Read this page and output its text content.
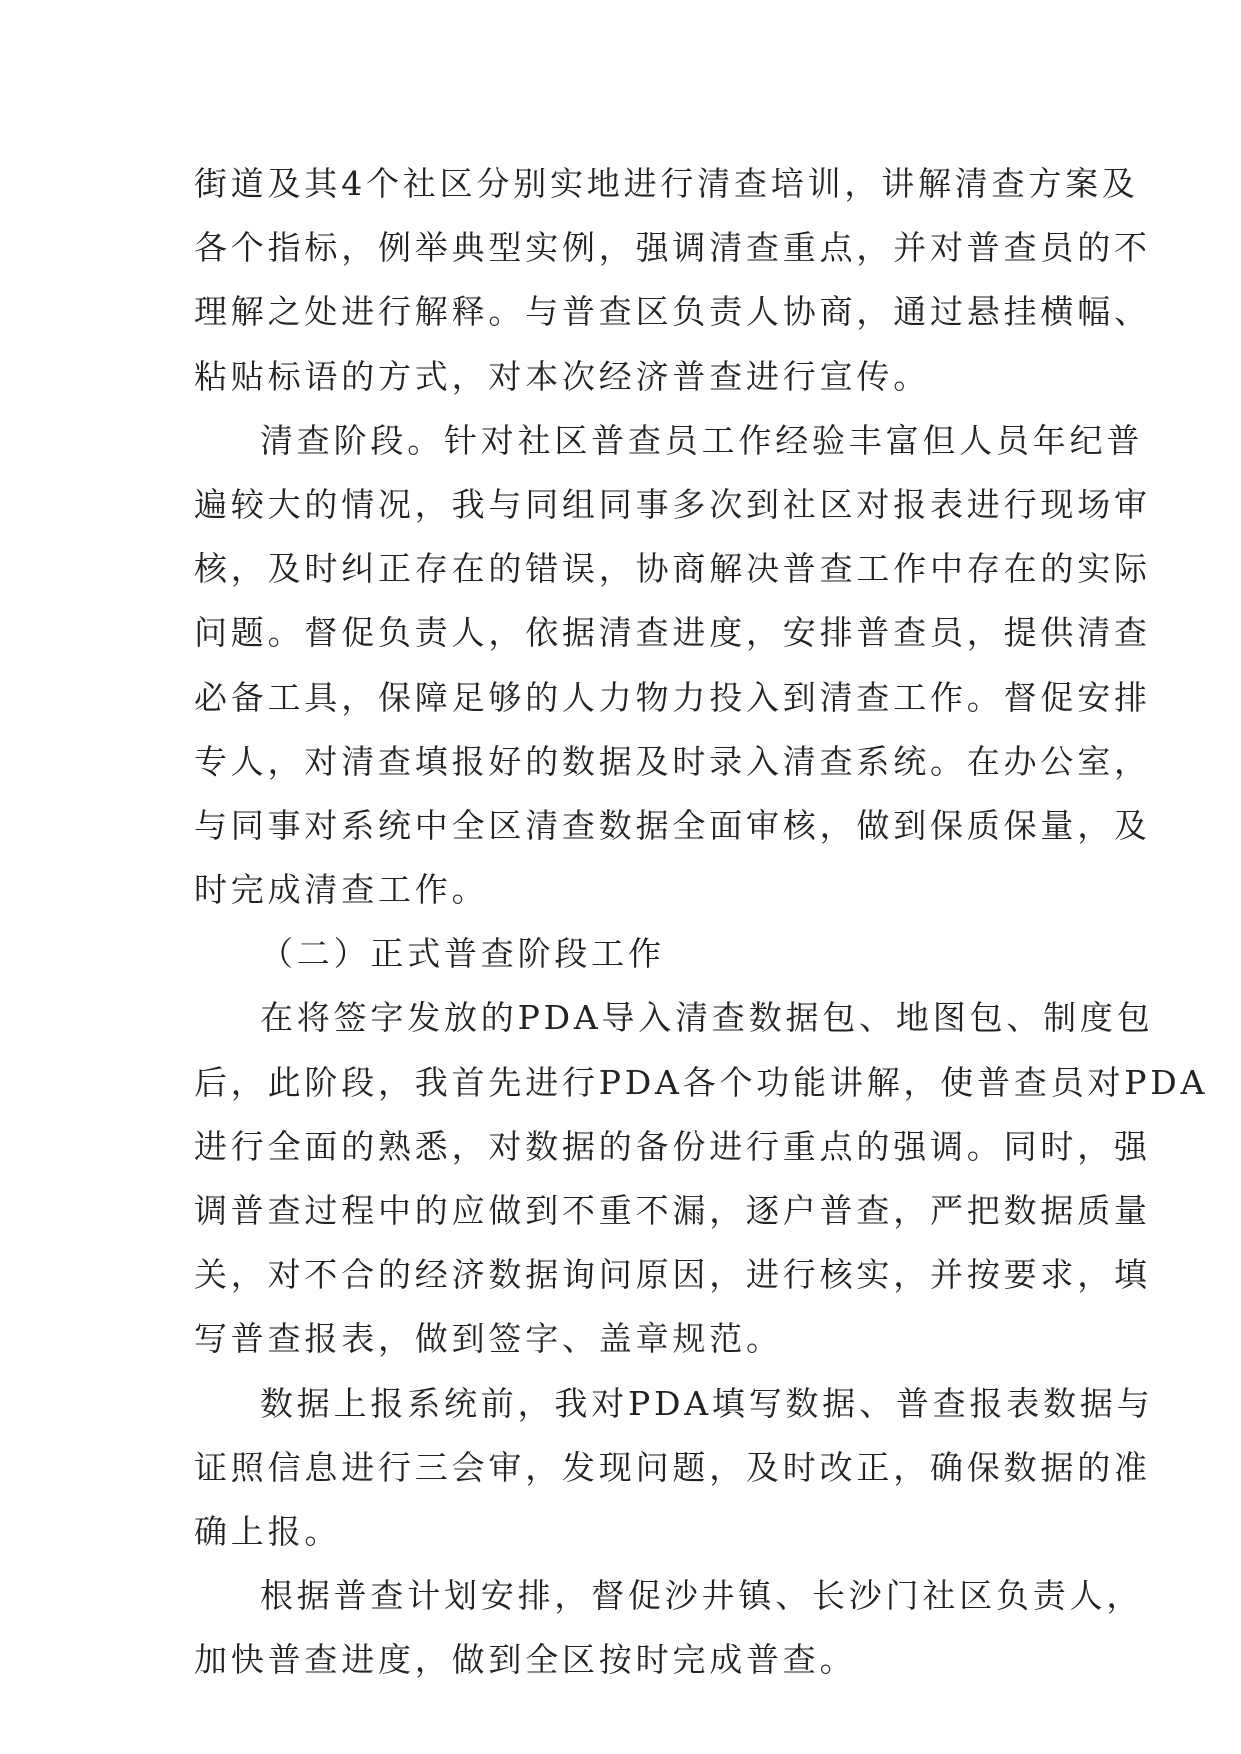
街道及其4个社区分别实地进行清查培训，讲解清查方案及
各个指标，例举典型实例，强调清查重点，并对普查员的不
理解之处进行解释。与普查区负责人协商，通过悬挂横幅、
粘贴标语的方式，对本次经济普查进行宣传。
清查阶段。针对社区普查员工作经验丰富但人员年纪普
遍较大的情况，我与同组同事多次到社区对报表进行现场审
核，及时纠正存在的错误，协商解决普查工作中存在的实际
问题。督促负责人，依据清查进度，安排普查员，提供清查
必备工具，保障足够的人力物力投入到清查工作。督促安排
专人，对清查填报好的数据及时录入清查系统。在办公室，
与同事对系统中全区清查数据全面审核，做到保质保量，及
时完成清查工作。
（二）正式普查阶段工作
在将签字发放的PDA导入清查数据包、地图包、制度包
后，此阶段，我首先进行PDA各个功能讲解，使普查员对PDA
进行全面的熟悉，对数据的备份进行重点的强调。同时，强
调普查过程中的应做到不重不漏，逐户普查，严把数据质量
关，对不合的经济数据询问原因，进行核实，并按要求，填
写普查报表，做到签字、盖章规范。
数据上报系统前，我对PDA填写数据、普查报表数据与
证照信息进行三会审，发现问题，及时改正，确保数据的准
确上报。
根据普查计划安排，督促沙井镇、长沙门社区负责人，
加快普查进度，做到全区按时完成普查。
